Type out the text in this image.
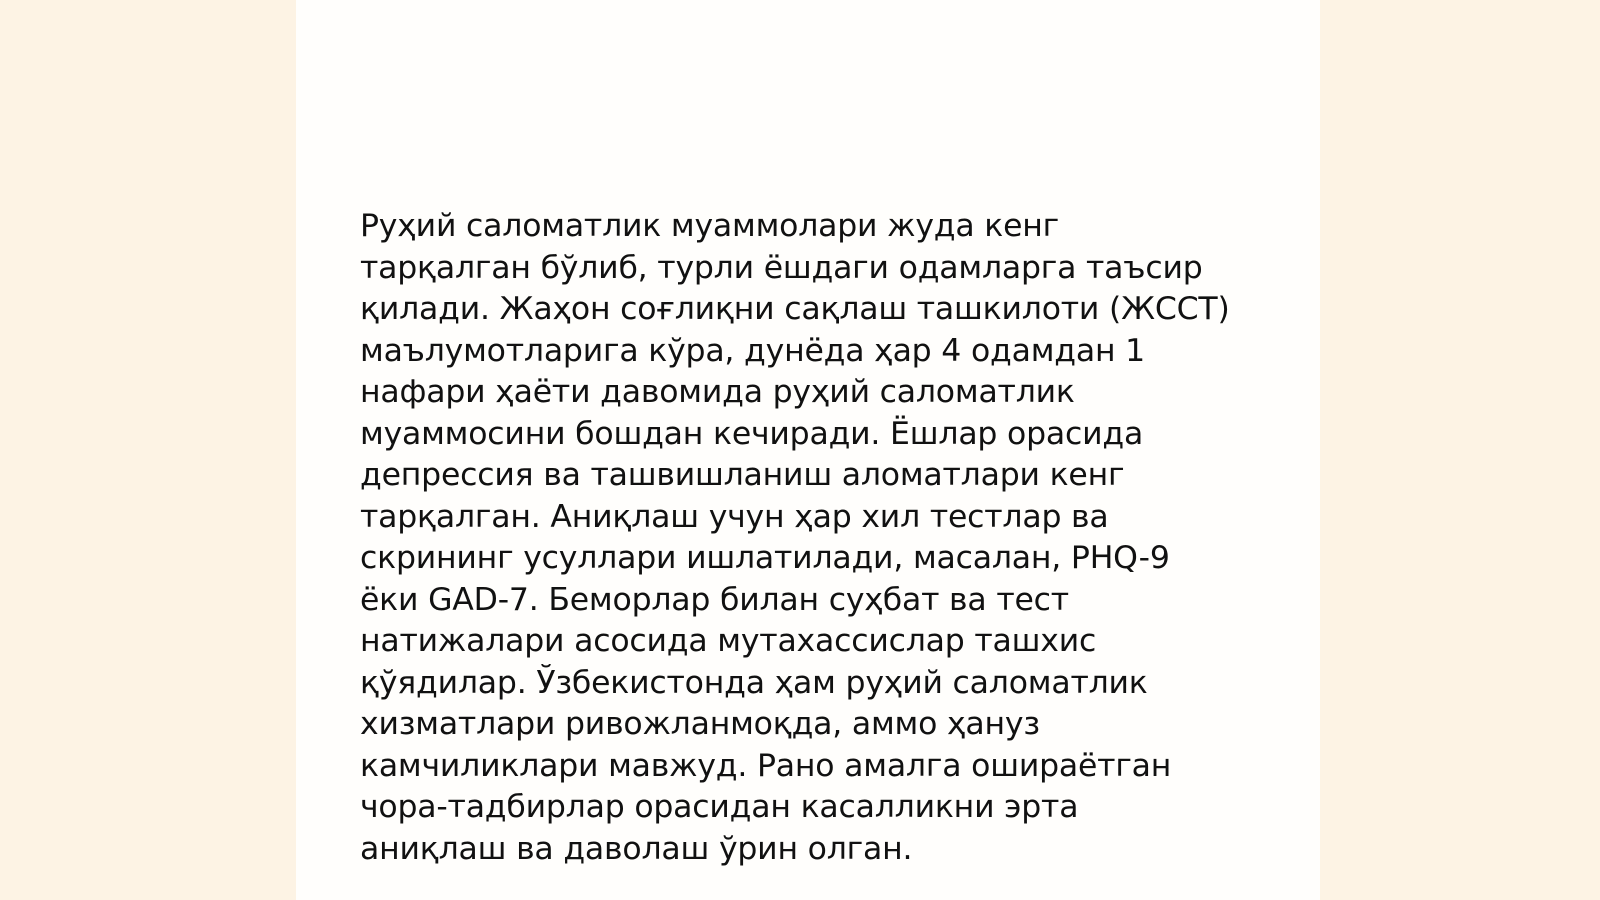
Руҳий саломатлик муаммолари жуда кенг
тарқалган бўлиб, турли ёшдаги одамларга таъсир
қилади. Жаҳон соғлиқни сақлаш ташкилоти (ЖССТ)
маълумотларига кўра, дунёда ҳар 4 одамдан 1
нафари ҳаёти давомида руҳий саломатлик
муаммосини бошдан кечиради. Ёшлар орасида
депрессия ва ташвишланиш аломатлари кенг
тарқалган. Аниқлаш учун ҳар хил тестлар ва
скрининг усуллари ишлатилади, масалан, PHQ-9
ёки GAD-7. Беморлар билан суҳбат ва тест
натижалари асосида мутахассислар ташхис
қўядилар. Ўзбекистонда ҳам руҳий саломатлик
хизматлари ривожланмоқда, аммо ҳануз
камчиликлари мавжуд. Рано амалга ошираётган
чора-тадбирлар орасидан касалликни эрта
аниқлаш ва даволаш ўрин олган.
